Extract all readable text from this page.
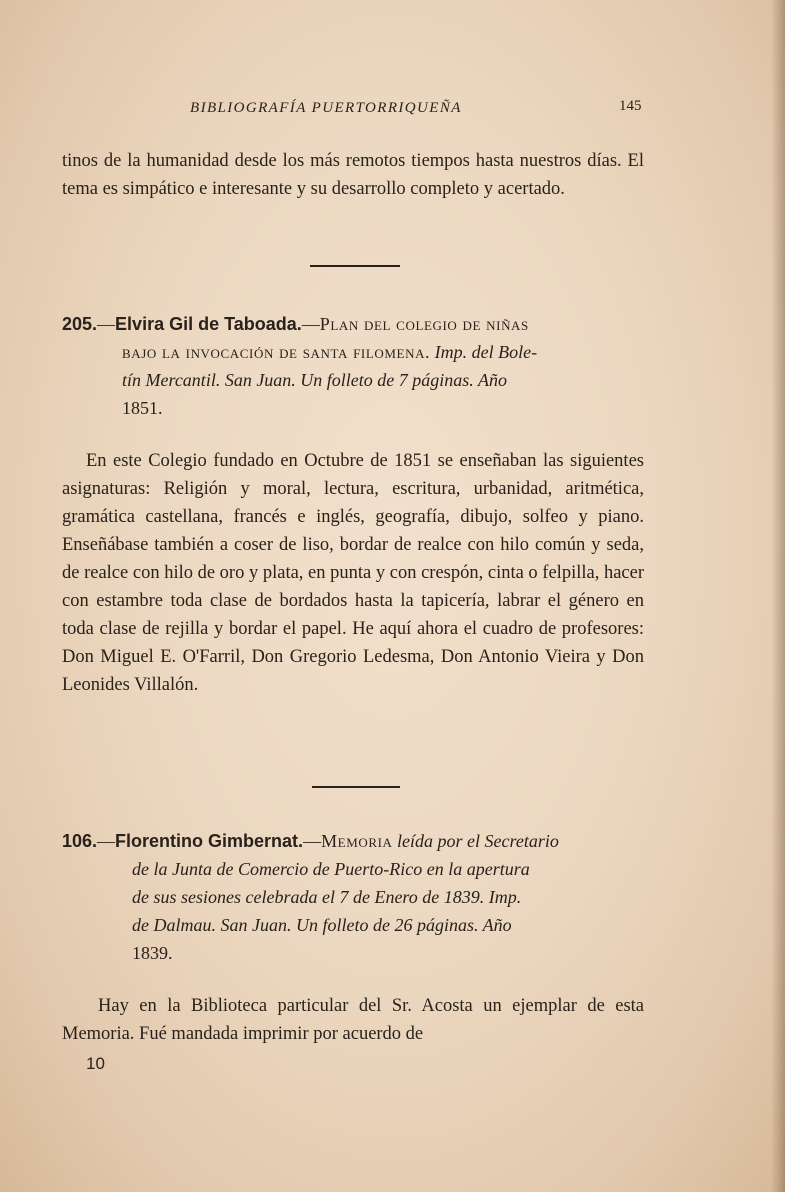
BIBLIOGRAFÍA PUERTORRIQUEÑA	145

tinos de la humanidad desde los más remotos tiempos hasta nuestros días. El tema es simpático e interesante y su desarrollo completo y acertado.

205.—Elvira Gil de Taboada.—Plan del colegio de niñas
bajo la invocación de santa filomena. Imp. del Bole-
tín Mercantil. San Juan. Un folleto de 7 páginas. Año
1851.

En este Colegio fundado en Octubre de 1851 se enseñaban las siguientes asignaturas: Religión y moral, lectura, escritura, urbanidad, aritmética, gramática castellana, francés e inglés, geografía, dibujo, solfeo y piano. Enseñábase también a coser de liso, bordar de realce con hilo común y seda, de realce con hilo de oro y plata, en punta y con crespón, cinta o felpilla, hacer con estambre toda clase de bordados hasta la tapicería, labrar el género en toda clase de rejilla y bordar el papel. He aquí ahora el cuadro de profesores: Don Miguel E. O'Farril, Don Gregorio Ledesma, Don Antonio Vieira y Don Leonides Villalón.

106.—Florentino Gimbernat.—Memoria leída por el Secretario
de la Junta de Comercio de Puerto-Rico en la apertura
de sus sesiones celebrada el 7 de Enero de 1839. Imp.
de Dalmau. San Juan. Un folleto de 26 páginas. Año
1839.

Hay en la Biblioteca particular del Sr. Acosta un ejemplar de esta Memoria. Fué mandada imprimir por acuerdo de

10
